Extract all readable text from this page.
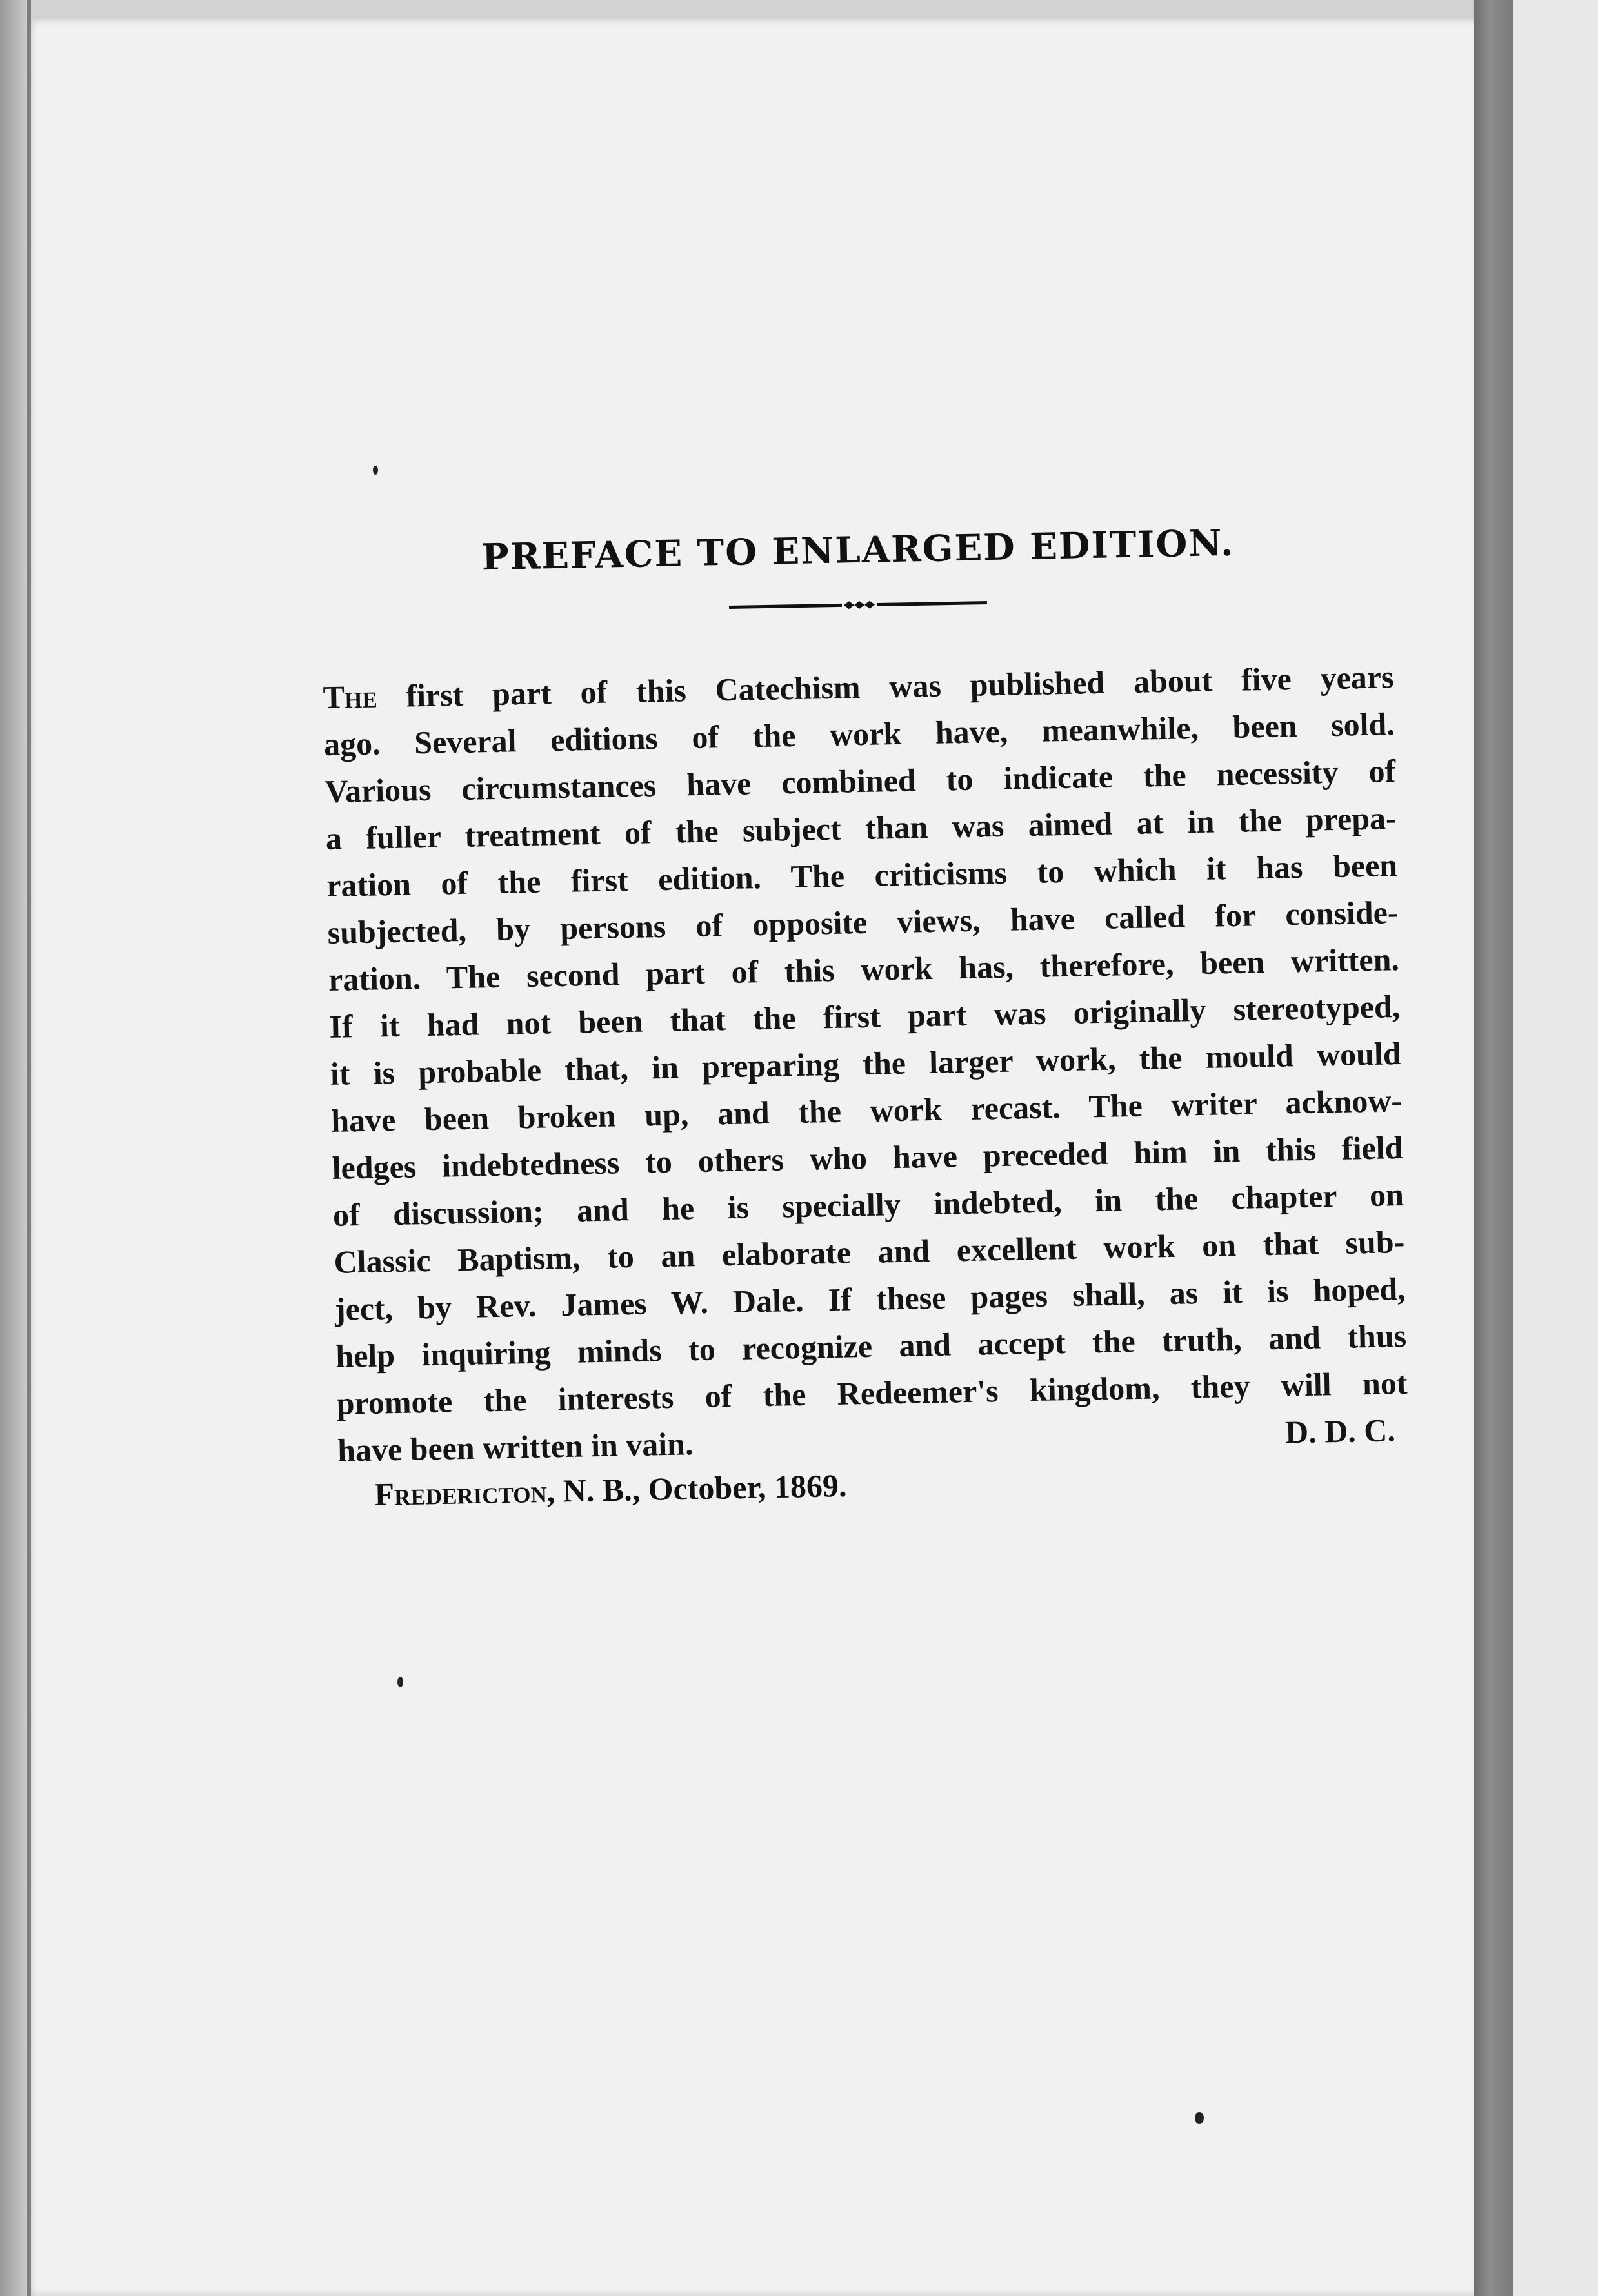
PREFACE TO ENLARGED EDITION.

The first part of this Catechism was published about five years
ago. Several editions of the work have, meanwhile, been sold.
Various circumstances have combined to indicate the necessity of
a fuller treatment of the subject than was aimed at in the prepa-
ration of the first edition. The criticisms to which it has been
subjected, by persons of opposite views, have called for conside-
ration. The second part of this work has, therefore, been written.
If it had not been that the first part was originally stereotyped,
it is probable that, in preparing the larger work, the mould would
have been broken up, and the work recast. The writer acknow-
ledges indebtedness to others who have preceded him in this field
of discussion; and he is specially indebted, in the chapter on
Classic Baptism, to an elaborate and excellent work on that sub-
ject, by Rev. James W. Dale. If these pages shall, as it is hoped,
help inquiring minds to recognize and accept the truth, and thus
promote the interests of the Redeemer's kingdom, they will not
have been written in vain.	D. D. C.

Fredericton, N. B., October, 1869.
